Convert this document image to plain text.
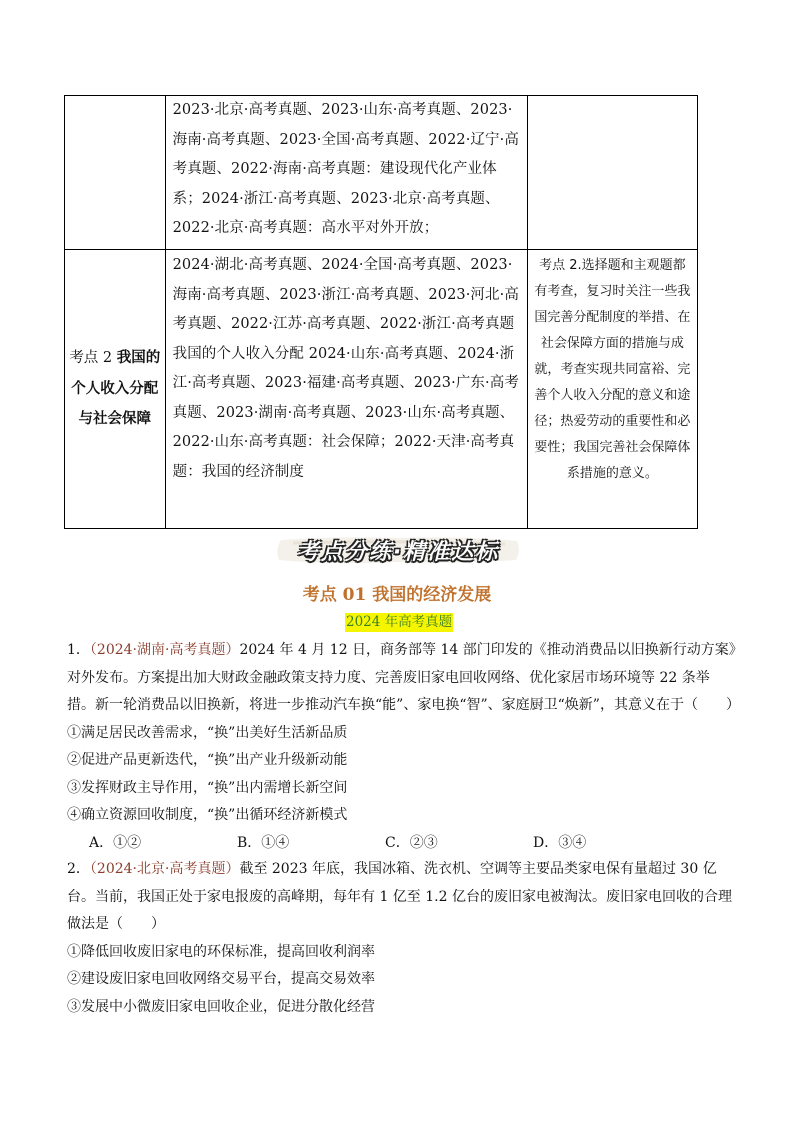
	2023·北京·高考真题、2023·山东·高考真题、2023·海南·高考真题、2023·全国·高考真题、2022·辽宁·高考真题、2022·海南·高考真题：建设现代化产业体系；2024·浙江·高考真题、2023·北京·高考真题、2022·北京·高考真题：高水平对外开放；	
考点 2 我国的个人收入分配与社会保障	2024·湖北·高考真题、2024·全国·高考真题、2023·海南·高考真题、2023·浙江·高考真题、2023·河北·高考真题、2022·江苏·高考真题、2022·浙江·高考真题我国的个人收入分配 2024·山东·高考真题、2024·浙江·高考真题、2023·福建·高考真题、2023·广东·高考真题、2023·湖南·高考真题、2023·山东·高考真题、2022·山东·高考真题：社会保障；2022·天津·高考真题：我国的经济制度	考点 2.选择题和主观题都有考查，复习时关注一些我国完善分配制度的举措、在社会保障方面的措施与成就，考查实现共同富裕、完善个人收入分配的意义和途径；热爱劳动的重要性和必要性；我国完善社会保障体系措施的意义。
考点分练·精准达标
考点 01 我国的经济发展
2024 年高考真题

1．（2024·湖南·高考真题）2024 年 4 月 12 日，商务部等 14 部门印发的《推动消费品以旧换新行动方案》对外发布。方案提出加大财政金融政策支持力度、完善废旧家电回收网络、优化家居市场环境等 22 条举措。新一轮消费品以旧换新，将进一步推动汽车换“能”、家电换“智”、家庭厨卫“焕新”，其意义在于（　　）

①满足居民改善需求，“换”出美好生活新品质

②促进产品更新迭代，“换”出产业升级新动能

③发挥财政主导作用，“换”出内需增长新空间

④确立资源回收制度，“换”出循环经济新模式

A．①②	B．①④	C．②③	D．③④

2．（2024·北京·高考真题）截至 2023 年底，我国冰箱、洗衣机、空调等主要品类家电保有量超过 30 亿台。当前，我国正处于家电报废的高峰期，每年有 1 亿至 1.2 亿台的废旧家电被淘汰。废旧家电回收的合理做法是（　　）

①降低回收废旧家电的环保标准，提高回收利润率

②建设废旧家电回收网络交易平台，提高交易效率

③发展中小微废旧家电回收企业，促进分散化经营
